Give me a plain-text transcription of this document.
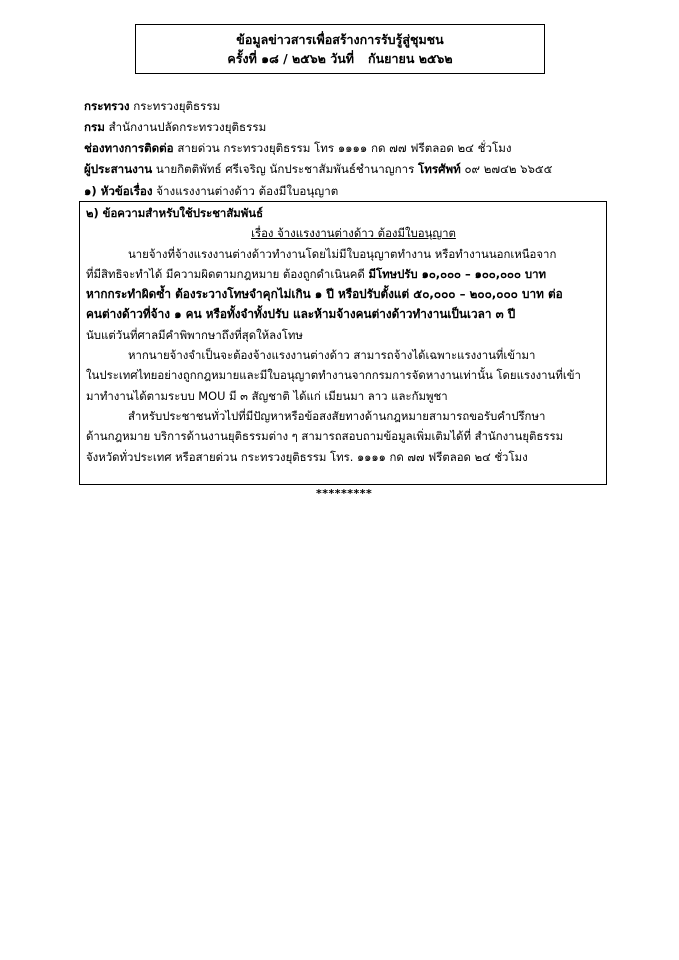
ข้อมูลข่าวสารเพื่อสร้างการรับรู้สู่ชุมชน
ครั้งที่ ๑๘ / ๒๕๖๒ วันที่ กันยายน ๒๕๖๒
กระทรวง กระทรวงยุติธรรม
กรม สำนักงานปลัดกระทรวงยุติธรรม
ช่องทางการติดต่อ สายด่วน กระทรวงยุติธรรม โทร ๑๑๑๑ กด ๗๗ ฟรีตลอด ๒๔ ชั่วโมง
ผู้ประสานงาน นายกิตติพัทธ์ ศรีเจริญ นักประชาสัมพันธ์ชำนาญการ โทรศัพท์ ๐๙ ๒๗๔๒ ๖๖๕๕
๑) หัวข้อเรื่อง จ้างแรงงานต่างด้าว ต้องมีใบอนุญาต
๒) ข้อความสำหรับใช้ประชาสัมพันธ์
เรื่อง จ้างแรงงานต่างด้าว ต้องมีใบอนุญาต
นายจ้างที่จ้างแรงงานต่างด้าวทำงานโดยไม่มีใบอนุญาตทำงาน หรือทำงานนอกเหนือจาก
ที่มีสิทธิจะทำได้ มีความผิดตามกฎหมาย ต้องถูกดำเนินคดี มีโทษปรับ ๑๐,๐๐๐ – ๑๐๐,๐๐๐ บาท
หากกระทำผิดซ้ำ ต้องระวางโทษจำคุกไม่เกิน ๑ ปี หรือปรับตั้งแต่ ๕๐,๐๐๐ – ๒๐๐,๐๐๐ บาท ต่อ
คนต่างด้าวที่จ้าง ๑ คน หรือทั้งจำทั้งปรับ และห้ามจ้างคนต่างด้าวทำงานเป็นเวลา ๓ ปี
นับแต่วันที่ศาลมีคำพิพากษาถึงที่สุดให้ลงโทษ
หากนายจ้างจำเป็นจะต้องจ้างแรงงานต่างด้าว สามารถจ้างได้เฉพาะแรงงานที่เข้ามา
ในประเทศไทยอย่างถูกกฎหมายและมีใบอนุญาตทำงานจากกรมการจัดหางานเท่านั้น โดยแรงงานที่เข้า
มาทำงานได้ตามระบบ MOU มี ๓ สัญชาติ ได้แก่ เมียนมา ลาว และกัมพูชา
สำหรับประชาชนทั่วไปที่มีปัญหาหรือข้อสงสัยทางด้านกฎหมายสามารถขอรับคำปรึกษา
ด้านกฎหมาย บริการด้านงานยุติธรรมต่าง ๆ สามารถสอบถามข้อมูลเพิ่มเติมได้ที่ สำนักงานยุติธรรม
จังหวัดทั่วประเทศ หรือสายด่วน กระทรวงยุติธรรม โทร. ๑๑๑๑ กด ๗๗ ฟรีตลอด ๒๔ ชั่วโมง
*********
